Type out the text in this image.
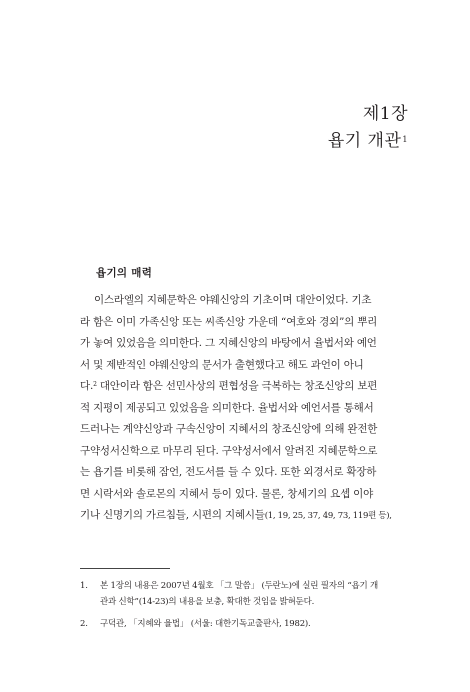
제1장
욥기 개관$^1$
욥기의 매력
이스라엘의 지혜문학은 야웨신앙의 기초이며 대안이었다. 기초
라 함은 이미 가족신앙 또는 씨족신앙 가운데 “여호와 경외”의 뿌리
가 놓여 있었음을 의미한다. 그 지혜신앙의 바탕에서 율법서와 예언
서 및 제반적인 야웨신앙의 문서가 출현했다고 해도 과언이 아니
다.$^2$ 대안이라 함은 선민사상의 편협성을 극복하는 창조신앙의 보편
적 지평이 제공되고 있었음을 의미한다. 율법서와 예언서를 통해서
드러나는 계약신앙과 구속신앙이 지혜서의 창조신앙에 의해 완전한
구약성서신학으로 마무리 된다. 구약성서에서 알려진 지혜문학으로
는 욥기를 비롯해 잠언, 전도서를 들 수 있다. 또한 외경서로 확장하
면 시락서와 솔로몬의 지혜서 등이 있다. 물론, 창세기의 요셉 이야
기나 신명기의 가르침들, 시편의 지혜시들(1, 19, 25, 37, 49, 73, 119편 등),
1. 본 1장의 내용은 2007년 4월호 「그 말씀」 (두란노)에 실린 필자의 “욥기 개
관과 신학”(14-23)의 내용을 보충, 확대한 것임을 밝혀둔다.
2. 구덕관, 「지혜와 율법」 (서울: 대한기독교출판사, 1982).
